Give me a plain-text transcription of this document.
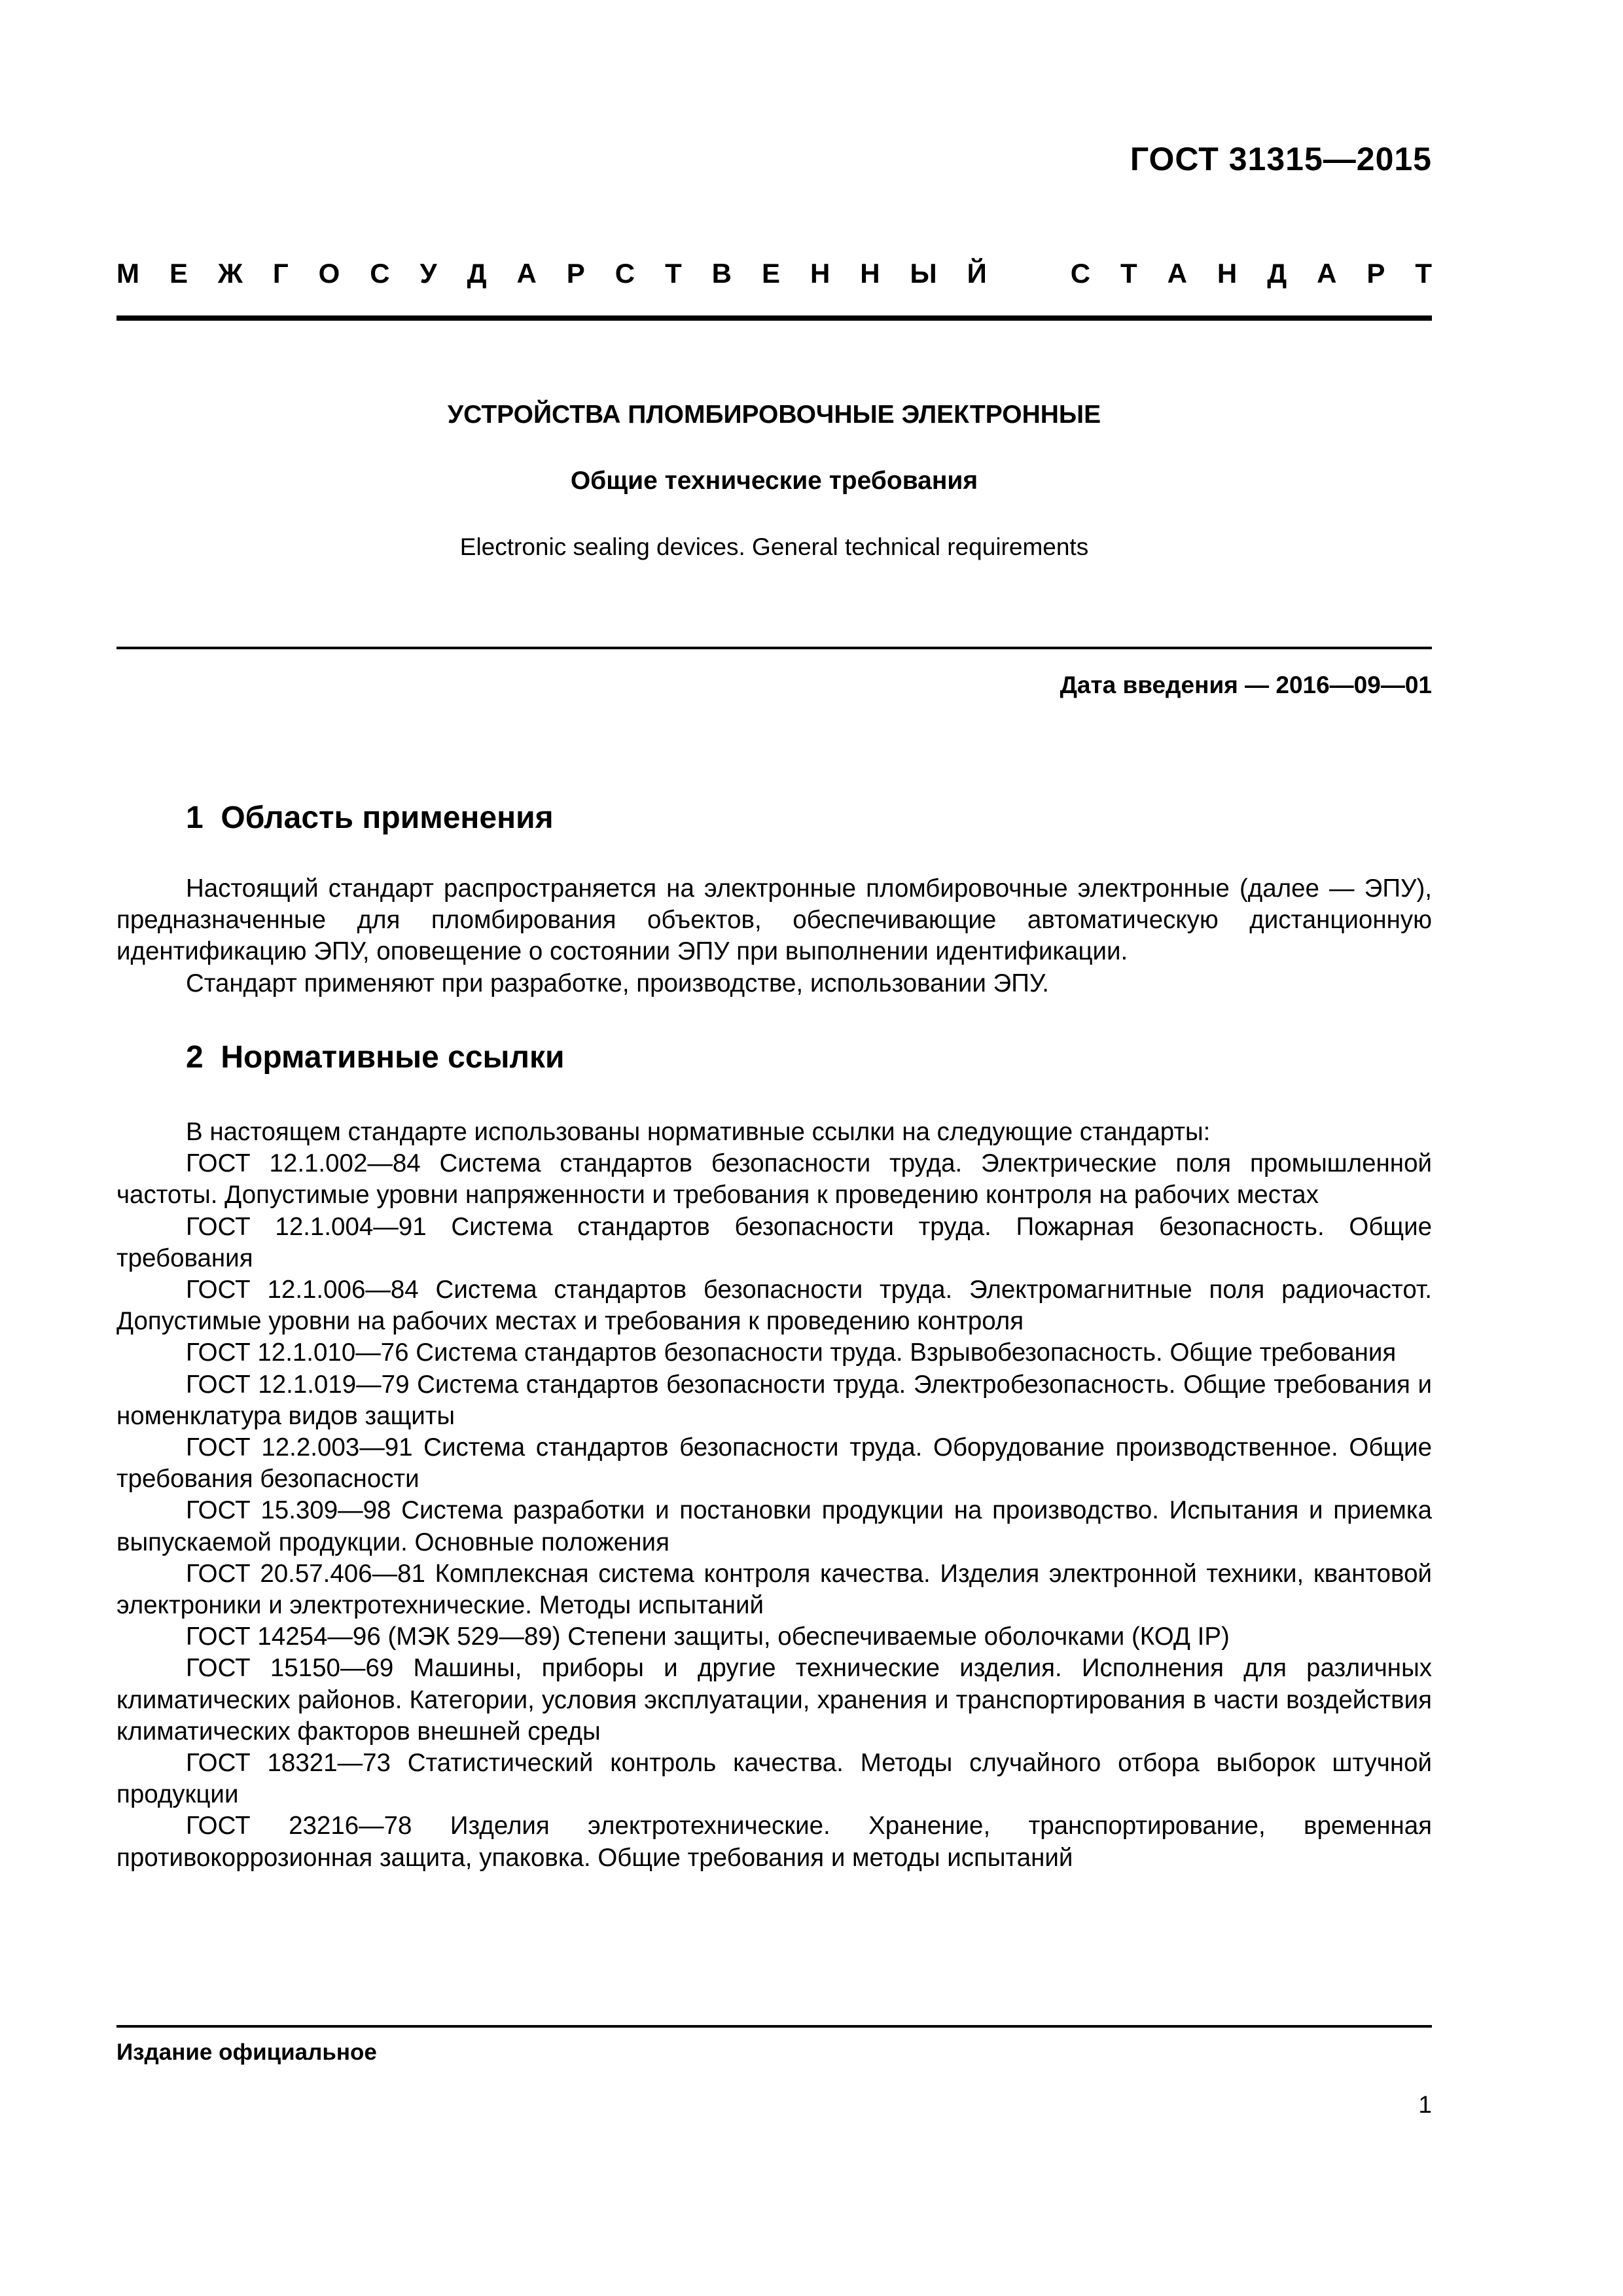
ГОСТ 31315—2015
М Е Ж Г О С У Д А Р С Т В Е Н Н Ы Й	С Т А Н Д А Р Т
УСТРОЙСТВА ПЛОМБИРОВОЧНЫЕ ЭЛЕКТРОННЫЕ
Общие технические требования
Electronic sealing devices. General technical requirements
Дата введения — 2016—09—01
1  Область применения

Настоящий стандарт распространяется на электронные пломбировочные электронные (далее — ЭПУ), предназначенные для пломбирования объектов, обеспечивающие автоматическую дистанционную идентификацию ЭПУ, оповещение о состоянии ЭПУ при выполнении идентификации.

Стандарт применяют при разработке, производстве, использовании ЭПУ.

2  Нормативные ссылки

В настоящем стандарте использованы нормативные ссылки на следующие стандарты:

ГОСТ 12.1.002—84 Система стандартов безопасности труда. Электрические поля промышленной частоты. Допустимые уровни напряженности и требования к проведению контроля на рабочих местах

ГОСТ 12.1.004—91 Система стандартов безопасности труда. Пожарная безопасность. Общие требования

ГОСТ 12.1.006—84 Система стандартов безопасности труда. Электромагнитные поля радиочастот. Допустимые уровни на рабочих местах и требования к проведению контроля

ГОСТ 12.1.010—76 Система стандартов безопасности труда. Взрывобезопасность. Общие требования

ГОСТ 12.1.019—79 Система стандартов безопасности труда. Электробезопасность. Общие требования и номенклатура видов защиты

ГОСТ 12.2.003—91 Система стандартов безопасности труда. Оборудование производственное. Общие требования безопасности

ГОСТ 15.309—98 Система разработки и постановки продукции на производство. Испытания и приемка выпускаемой продукции. Основные положения

ГОСТ 20.57.406—81 Комплексная система контроля качества. Изделия электронной техники, квантовой электроники и электротехнические. Методы испытаний

ГОСТ 14254—96 (МЭК 529—89) Степени защиты, обеспечиваемые оболочками (КОД IP)

ГОСТ 15150—69 Машины, приборы и другие технические изделия. Исполнения для различных климатических районов. Категории, условия эксплуатации, хранения и транспортирования в части воздействия климатических факторов внешней среды

ГОСТ 18321—73 Статистический контроль качества. Методы случайного отбора выборок штучной продукции

ГОСТ 23216—78 Изделия электротехнические. Хранение, транспортирование, временная противокоррозионная защита, упаковка. Общие требования и методы испытаний

Издание официальное
1
